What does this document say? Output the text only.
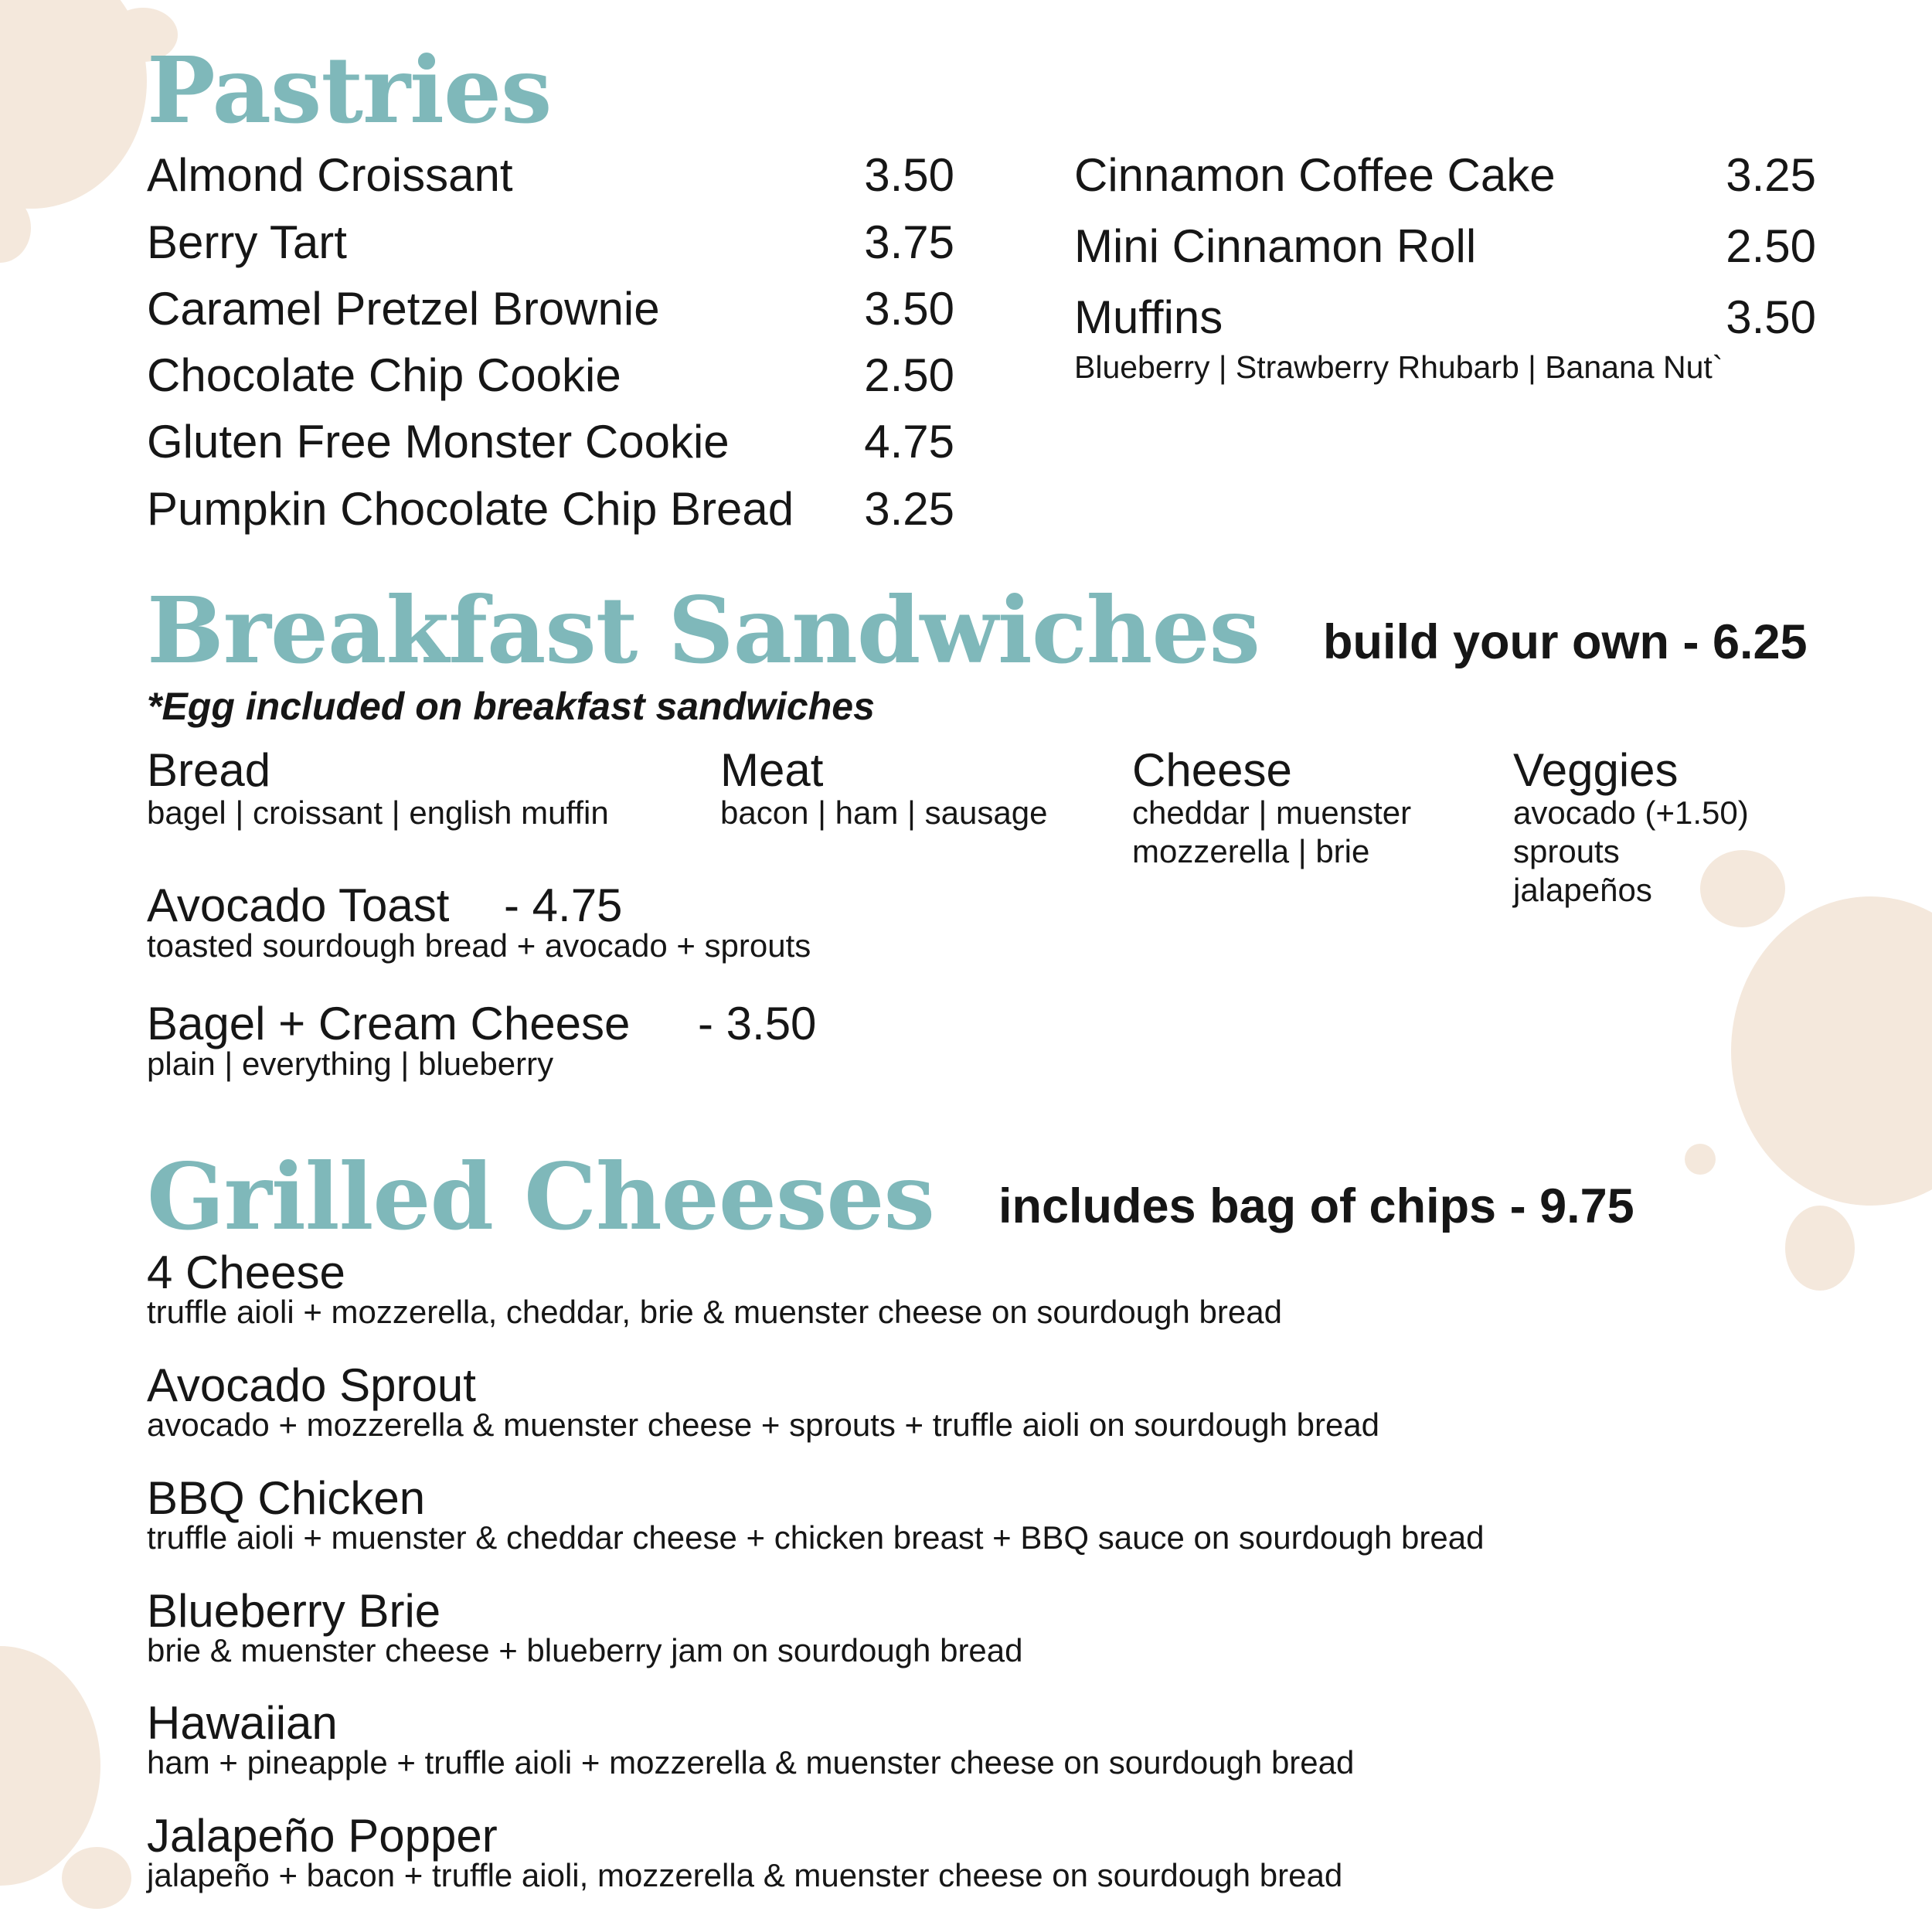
Pastries
Almond Croissant	3.50
Berry Tart	3.75
Caramel Pretzel Brownie	3.50
Chocolate Chip Cookie	2.50
Gluten Free Monster Cookie	4.75
Pumpkin Chocolate Chip Bread	3.25
Cinnamon Coffee Cake	3.25
Mini Cinnamon Roll	2.50
Muffins	3.50
Blueberry | Strawberry Rhubarb | Banana Nut`
Breakfast Sandwiches build your own - 6.25
*Egg included on breakfast sandwiches
Bread
bagel | croissant | english muffin
Meat
bacon | ham | sausage
Cheese
cheddar | muenster
mozzerella | brie
Veggies
avocado (+1.50)
sprouts
jalapeños
Avocado Toast - 4.75
toasted sourdough bread + avocado + sprouts
Bagel + Cream Cheese - 3.50
plain | everything | blueberry
Grilled Cheeses includes bag of chips - 9.75
4 Cheese
truffle aioli + mozzerella, cheddar, brie & muenster cheese on sourdough bread
Avocado Sprout
avocado + mozzerella & muenster cheese + sprouts + truffle aioli on sourdough bread
BBQ Chicken
truffle aioli + muenster & cheddar cheese + chicken breast + BBQ sauce on sourdough bread
Blueberry Brie
brie & muenster cheese + blueberry jam on sourdough bread
Hawaiian
ham + pineapple + truffle aioli + mozzerella & muenster cheese on sourdough bread
Jalapeño Popper
jalapeño + bacon + truffle aioli, mozzerella & muenster cheese on sourdough bread
